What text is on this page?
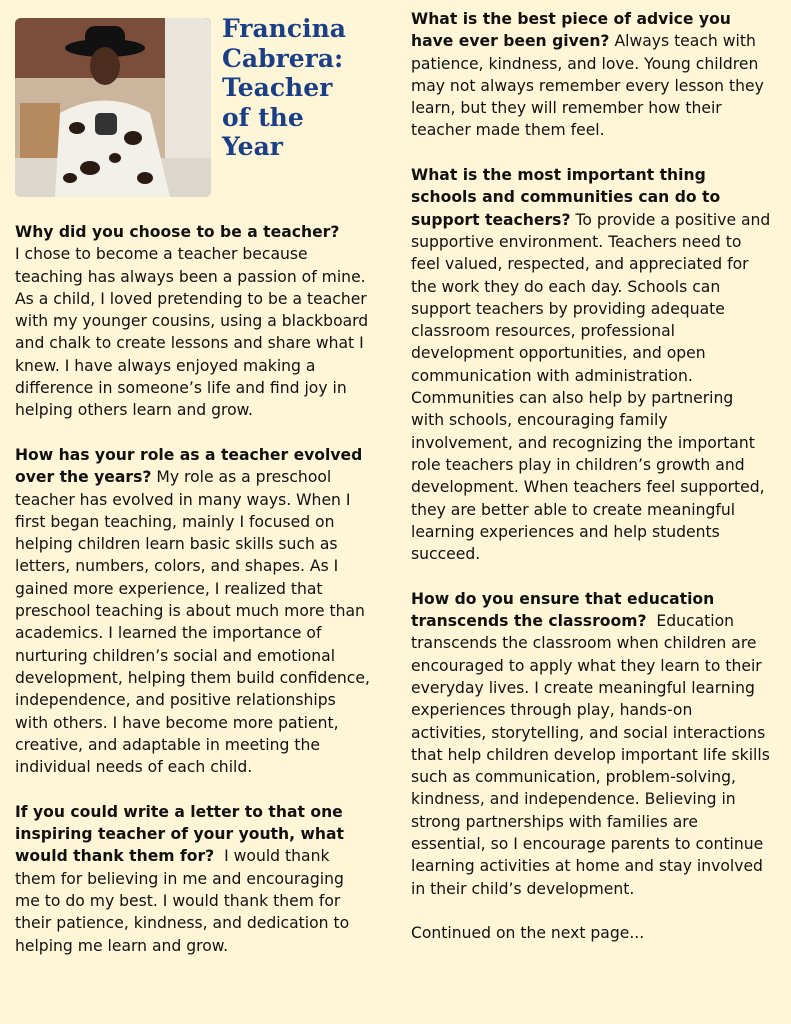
Francina
Cabrera:
Teacher
of the
Year

Why did you choose to be a teacher?
I chose to become a teacher because teaching has always been a passion of mine. As a child, I loved pretending to be a teacher with my younger cousins, using a blackboard and chalk to create lessons and share what I knew. I have always enjoyed making a difference in someone’s life and find joy in helping others learn and grow.

How has your role as a teacher evolved over the years? My role as a preschool teacher has evolved in many ways. When I first began teaching, mainly I focused on helping children learn basic skills such as letters, numbers, colors, and shapes. As I gained more experience, I realized that preschool teaching is about much more than academics. I learned the importance of nurturing children’s social and emotional development, helping them build confidence, independence, and positive relationships with others. I have become more patient, creative, and adaptable in meeting the individual needs of each child.

If you could write a letter to that one inspiring teacher of your youth, what would thank them for? I would thank them for believing in me and encouraging me to do my best. I would thank them for their patience, kindness, and dedication to helping me learn and grow.

What is the best piece of advice you have ever been given? Always teach with patience, kindness, and love. Young children may not always remember every lesson they learn, but they will remember how their teacher made them feel.

What is the most important thing schools and communities can do to support teachers? To provide a positive and supportive environment. Teachers need to feel valued, respected, and appreciated for the work they do each day. Schools can support teachers by providing adequate classroom resources, professional development opportunities, and open communication with administration. Communities can also help by partnering with schools, encouraging family involvement, and recognizing the important role teachers play in children’s growth and development. When teachers feel supported, they are better able to create meaningful learning experiences and help students succeed.

How do you ensure that education transcends the classroom? Education transcends the classroom when children are encouraged to apply what they learn to their everyday lives. I create meaningful learning experiences through play, hands-on activities, storytelling, and social interactions that help children develop important life skills such as communication, problem-solving, kindness, and independence. Believing in strong partnerships with families are essential, so I encourage parents to continue learning activities at home and stay involved in their child’s development.

Continued on the next page...
